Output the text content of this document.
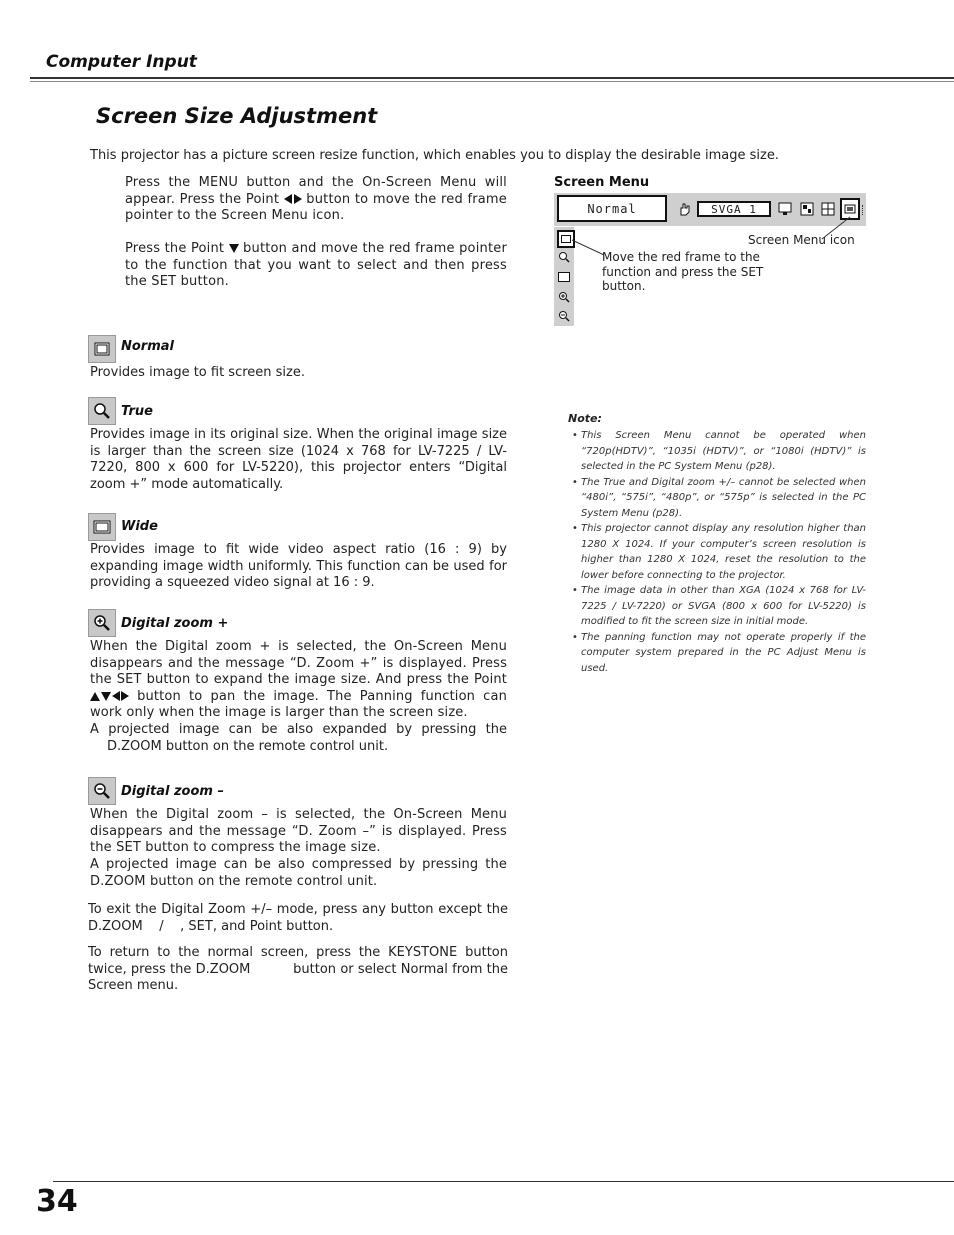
Computer Input
Screen Size Adjustment
This projector has a picture screen resize function, which enables you to display the desirable image size.
Press the MENU button and the On-Screen Menu will appear. Press the Point button to move the red frame pointer to the Screen Menu icon.
Press the Point button and move the red frame pointer to the function that you want to select and then press the SET button.
Screen Menu
Normal	SVGA 1
Screen Menu icon
Move the red frame to the function and press the SET button.
Normal
Provides image to fit screen size.
True
Provides image in its original size. When the original image size is larger than the screen size (1024 x 768 for LV-7225 / LV-7220, 800 x 600 for LV-5220), this projector enters “Digital zoom +” mode automatically.
Wide
Provides image to fit wide video aspect ratio (16 : 9) by expanding image width uniformly. This function can be used for providing a squeezed video signal at 16 : 9.
Digital zoom +
When the Digital zoom + is selected, the On-Screen Menu disappears and the message “D. Zoom +” is displayed. Press the SET button to expand the image size. And press the Point  button to pan the image. The Panning function can work only when the image is larger than the screen size.
A projected image can be also expanded by pressing the D.ZOOM button on the remote control unit.
Digital zoom –
When the Digital zoom – is selected, the On-Screen Menu disappears and the message “D. Zoom –” is displayed. Press the SET button to compress the image size.
A projected image can be also compressed by pressing the D.ZOOM button on the remote control unit.
To exit the Digital Zoom +/– mode, press any button except the D.ZOOM    /    , SET, and Point button.
To return to the normal screen, press the KEYSTONE button twice, press the D.ZOOM          button or select Normal from the Screen menu.
Note:
• This Screen Menu cannot be operated when “720p(HDTV)”, “1035i (HDTV)”, or “1080i (HDTV)” is selected in the PC System Menu (p28).
• The True and Digital zoom +/– cannot be selected when “480i”, “575i”, “480p”, or “575p” is selected in the PC System Menu (p28).
• This projector cannot display any resolution higher than 1280 X 1024. If your computer’s screen resolution is higher than 1280 X 1024, reset the resolution to the lower before connecting to the projector.
• The image data in other than XGA (1024 x 768 for LV-7225 / LV-7220) or SVGA (800 x 600 for LV-5220) is modified to fit the screen size in initial mode.
• The panning function may not operate properly if the computer system prepared in the PC Adjust Menu is used.
34
